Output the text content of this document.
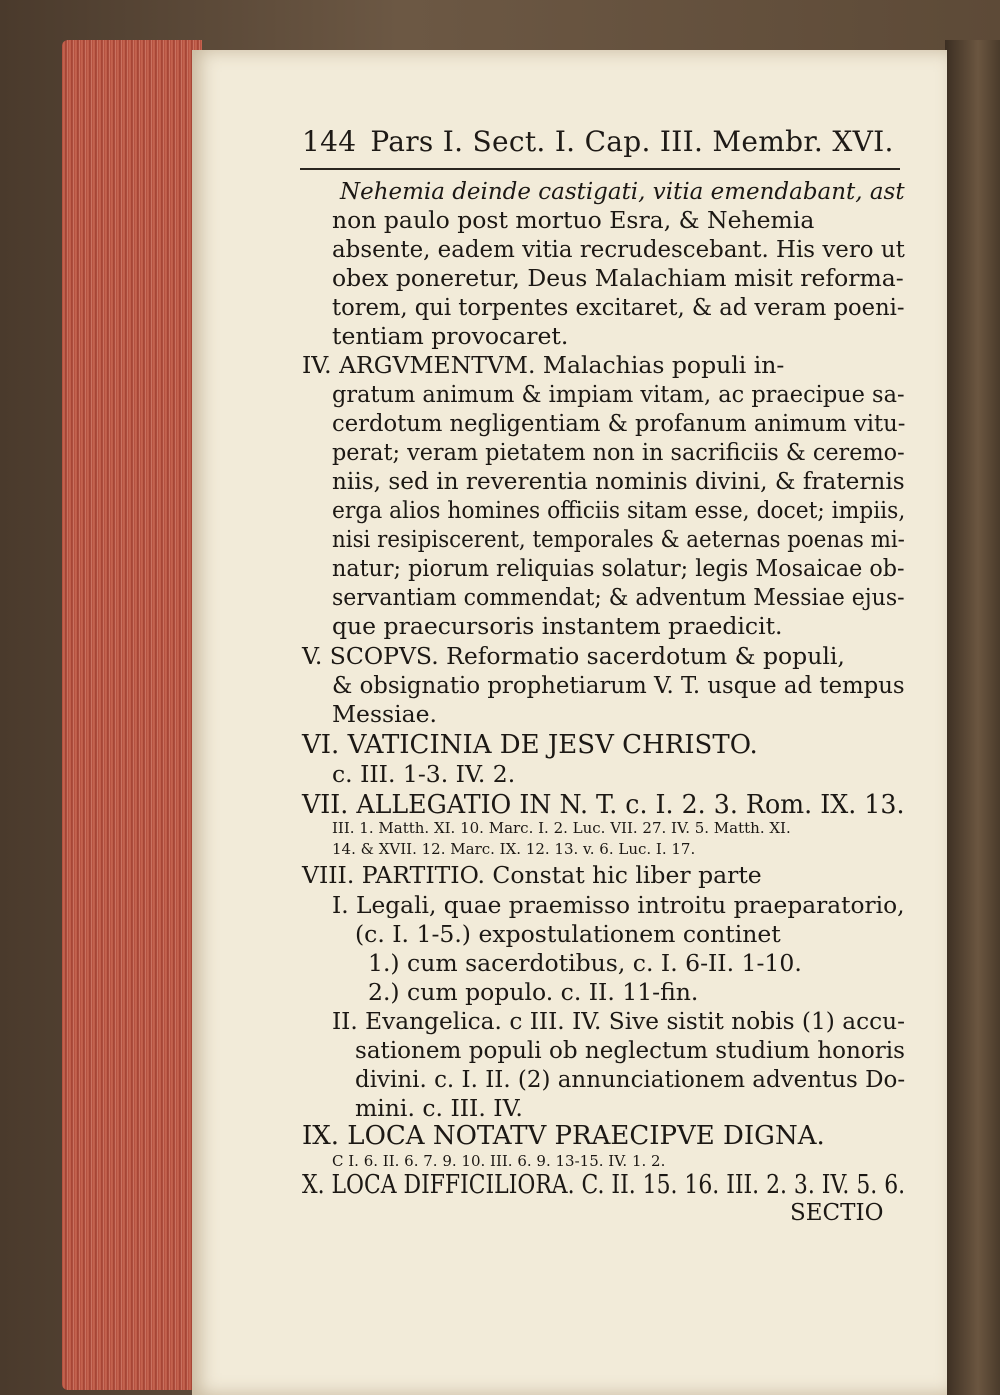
144 Pars I. Sect. I. Cap. III. Membr. XVI.
Nehemia deinde castigati, vitia emendabant, ast
non paulo post mortuo Esra, & Nehemia
absente, eadem vitia recrudescebant. His vero ut
obex poneretur, Deus Malachiam misit reforma-
torem, qui torpentes excitaret, & ad veram poeni-
tentiam provocaret.
IV. ARGVMENTVM. Malachias populi in-
gratum animum & impiam vitam, ac praecipue sa-
cerdotum negligentiam & profanum animum vitu-
perat; veram pietatem non in sacrificiis & ceremo-
niis, sed in reverentia nominis divini, & fraternis
erga alios homines officiis sitam esse, docet; impiis,
nisi resipiscerent, temporales & aeternas poenas mi-
natur; piorum reliquias solatur; legis Mosaicae ob-
servantiam commendat; & adventum Messiae ejus-
que praecursoris instantem praedicit.
V. SCOPVS. Reformatio sacerdotum & populi,
& obsignatio prophetiarum V. T. usque ad tempus
Messiae.
VI. VATICINIA DE JESV CHRISTO.
c. III. 1-3. IV. 2.
VII. ALLEGATIO IN N. T. c. I. 2. 3. Rom. IX. 13.
III. 1. Matth. XI. 10. Marc. I. 2. Luc. VII. 27. IV. 5. Matth. XI.
14. & XVII. 12. Marc. IX. 12. 13. v. 6. Luc. I. 17.
VIII. PARTITIO. Constat hic liber parte
I. Legali, quae praemisso introitu praeparatorio,
(c. I. 1-5.) expostulationem continet
1.) cum sacerdotibus, c. I. 6-II. 1-10.
2.) cum populo. c. II. 11-fin.
II. Evangelica. c III. IV. Sive sistit nobis (1) accu-
sationem populi ob neglectum studium honoris
divini. c. I. II. (2) annunciationem adventus Do-
mini. c. III. IV.
IX. LOCA NOTATV PRAECIPVE DIGNA.
C I. 6. II. 6. 7. 9. 10. III. 6. 9. 13-15. IV. 1. 2.
X. LOCA DIFFICILIORA. C. II. 15. 16. III. 2. 3. IV. 5. 6.
SECTIO
